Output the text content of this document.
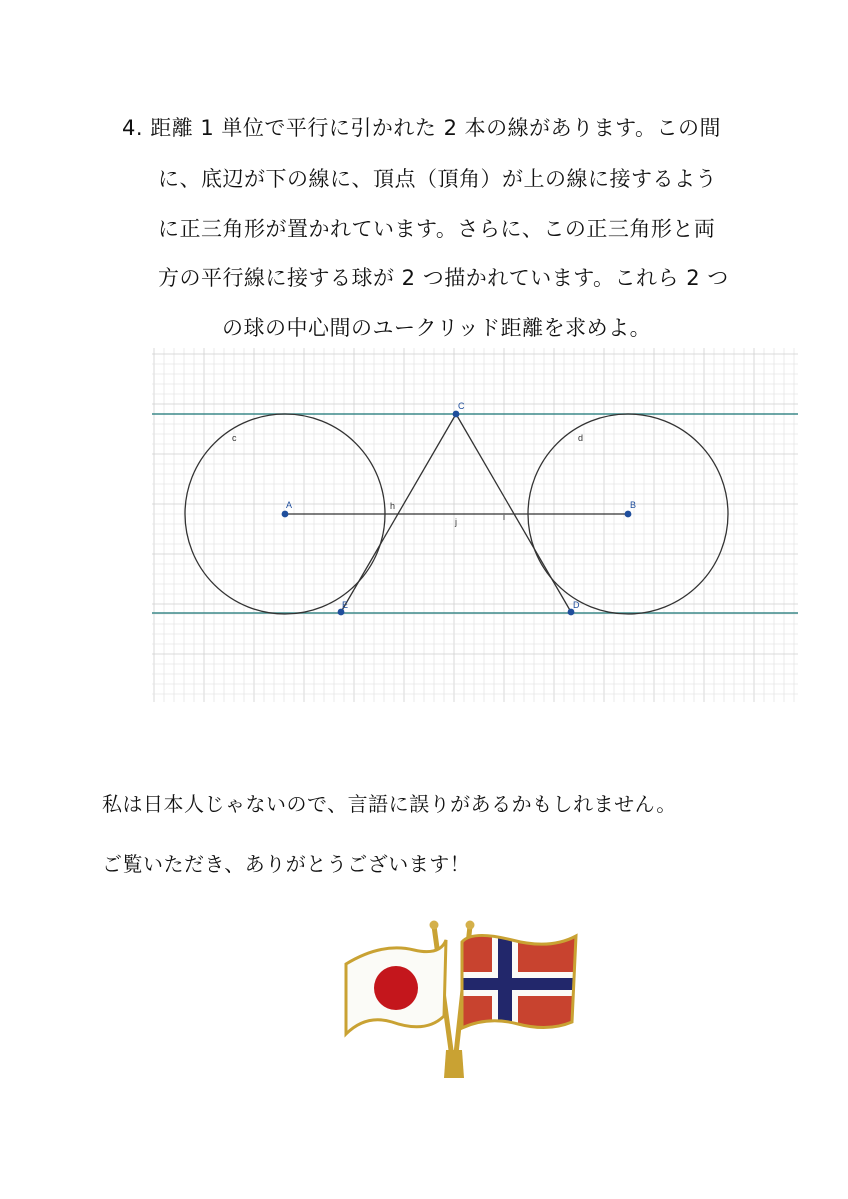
4. 距離 1 単位で平行に引かれた 2 本の線があります。この間
に、底辺が下の線に、頂点（頂角）が上の線に接するよう
に正三角形が置かれています。さらに、この正三角形と両
方の平行線に接する球が 2 つ描かれています。これら 2 つ
の球の中心間のユークリッド距離を求めよ。
C
A	B
E	D
c	d
h
i
j
私は日本人じゃないので、言語に誤りがあるかもしれません。
ご覧いただき、ありがとうございます！
